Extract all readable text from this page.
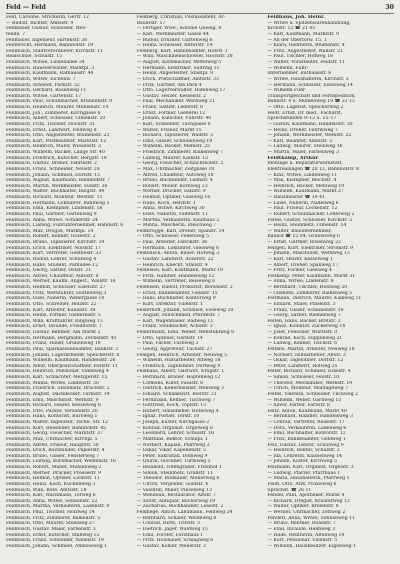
Feld — Feld	30
Feld, Caroline, Strickerin, Gertr. 12
— Rudolf, Richter, Amtsstr. 9
Feldbauer, Gustav, Schlosser, Wes-
tende. 7
Feldbauer, Ingenieur, Hirtenstr. 38
Feldbrecht, Hermann, Bahnhofstr. 19
Feldbusch, Stadtverordneter, Kirchstr. 11
Realschule, Schulstr. 15
Feldbusch, Witwe, Lindenallee 24
Feldbusch, Hausverwalter, Marktpl. 3
Feldbusch, Kaufmann, Rathausstr. 44
Feldbusch, Witwe, Eichenw. 7
Feldbusch, Arbeiter, Parkstr. 52
Feldbusch, Gerhard, Rosenweg 11
Feldbusch, Witwe, Gartenstr. 17
Feldbusch, Paul, Schuhmacher, Brunnenstr. 9
Feldbusch, Heinrich, Maurer, Mühlenstr. 14
Feldbusch, Joh., Zimmerer, Kirchgasse 6
Feldbusch, Albert, Schlosser, Ulmenstr. 20
Feldbusch, Fritz, Tischler, Hochstr. 31
Feldbusch, Ernst, Landwirt, Feldweg 8
Feldbusch, Otto, Angestellter, Blumenstr. 23
Feldbusch, Karl, Postbeamter, Marktstr. 12
Feldbusch, Heinrich, Maler, Wiesenstr. 3
Feldbusch, Wilhelm, Bäcker, Lange Str. 40
Feldbusch, Friedrich, Kutscher, Bergstr. 19
Feldbusch, Gustav, Dreher, Fabrikstr. 2
Feldbusch, Franz, Schneider, Neustr. 28
Feldbusch, Johann, Schmied, Dorfstr. 15
Feldbusch, August, Kaufmann, Bahnhofstr. 7
Feldbusch, Martin, Werkmeister, Südstr. 36
Feldbusch, Walter, Buchhalter, Ringstr. 44
Feldbusch, Richard, Monteur, Weststr. 11
Feldbusch, Hermann, Lokführer, Bahnweg 5
Feldbusch, Emil, Klempner, Lindenstr. 18
Feldbusch, Paul, Gärtner, Gartenweg 9
Feldbusch, Anna, Witwe, Schillerstr. 24
Feldbusch, Ludwig, Fuhrunternehmer, Hafenstr. 6
Feldbusch, Max, Drogist, Marktpl. 14
Feldbusch, Robert, Kellner, Hotelstr. 2
Feldbusch, Bruno, Tapezierer, Kirchstr. 29
Feldbusch, Erich, Elektriker, Nordstr. 17
Feldbusch, Kurt, Vertreter, Goethestr. 33
Feldbusch, Rudolf, Lehrer, Schulweg 4
Feldbusch, Hans, Student, Parkallee 12
Feldbusch, Georg, Sattler, Oststr. 21
Feldbusch, Alfred, Chauffeur, Autostr. 8
Feldbusch, Werner, Kaufm. Angest., Wallstr. 16
Feldbusch, Helmut, Schlosser, Eisenstr. 27
Feldbusch, Fritz, Werkführer, Hüttenweg 3
Feldbusch, Elise, Näherin, Webergasse 10
Feldbusch, Otto, Schreiner, Holzstr. 22
Feldbusch, Karl, Arbeiter, Kanalstr. 38
Feldbusch, Heinz, Former, Gießereistr. 5
Feldbusch, Willi, Kraftfahrer, Ringweg 13
Feldbusch, Ernst, Invalide, Friedhofstr. 7
Feldbusch, Gustav, Rentner, Am Markt 2
Feldbusch, Hermann, Bergmann, Zechenstr. 41
Feldbusch, Franz, Hauer, Grubenweg 19
Feldbusch, Paul, Sparkassenbeamter, Bankstr. 3
Feldbusch, Johann, Lagerarbeiter, Speicherstr. 8
Feldbusch, Wilhelm, Kaufmann, Handelsstr. 26
Feldbusch, Adolf, Oberpostschaffner, Poststr. 11
Feldbusch, Heinrich, Pensionär, Villenweg 4
Feldbusch, Karl, Schlachter, Metzgerstr. 15
Feldbusch, Minna, Witwe, Lindenstr. 30
Feldbusch, Friedrich, Steinmetz, Bruchstr. 2
Feldbusch, August, Dachdecker, Turmstr. 14
Feldbusch, Emil, Maschinist, Werkstr. 9
Feldbusch, Richard, Heizer, Kesselweg 6
Feldbusch, Otto, Packer, Versandstr. 20
Feldbusch, Hans, Kontorist, Büroweg 1
Feldbusch, Walter, Ingenieur, Techn. Str. 12
Feldbusch, Kurt, Reisender, Bahnhofstr. 45
Feldbusch, Georg, Fleischer, Marktstr. 37
Feldbusch, Max, Uhrmacher, Kirchpl. 5
Feldbusch, Alfred, Friseur, Hauptstr. 58
Feldbusch, Erich, Buchbinder, Papierstr. 4
Feldbusch, Bruno, Glaser, Fensterweg 7
Feldbusch, Ludwig, Korbmacher, Weidenstr. 16
Feldbusch, Robert, Müller, Mühlenweg 2
Feldbusch, Werner, Drucker, Pressestr. 9
Feldbusch, Helmut, Optiker, Lichtstr. 11
Feldbusch, Heinz, Koch, Küchenweg 3
Feldbusch, Willi, Bote, Amtsstr. 18
Feldbusch, Karl, Wachmann, Torweg 6
Feldbusch, Anna, Witwe, Sonnenstr. 22
Feldbusch, Martha, Verkäuferin, Ladenstr. 8
Feldbusch, Paul, Tischler, Holzweg 14
Feldbusch, Fritz, Zimmerer, Balkenstr. 5
Feldbusch, Otto, Maurer, Steinweg 27
Feldbusch, Gustav, Maler, Farbenstr. 3
Feldbusch, Ernst, Kutscher, Stallweg 12
Feldbusch, Franz, Schneider, Nadelstr. 19
Feldbusch, Johann, Schmied, Ambossweg 1
Feldberg, Christian, Postassistent, Ar-
Bauerstr. 17
— Fertiger, Wwe., Kolonie Queelg. 8
— Karl, Werkmeister, Gasse 44
— Rudolf, Drucker, Gartenweg 6
— Heinz, Schlosser, Ritterstr. 14
Feldberg, Kurt, Bahnbeamter, Hofstr. 1
— Willi, Maschinenschlosser, Hochstr. 28
— August, Korbmacher, Mittelweg 5
— Hermann, Elektriker, Südring 11
— Heinz, Angestellter, Stadtpl. 9
— Erich, Postschaffner, Amtsstr. 33
— Fritz, Gärtner, Am Park 4
— Otto, Lagerverwalter, Hafenweg 17
— Gustav, Heizer, Kesselstr. 2
— Paul, Mechaniker, Werkweg 21
— Franz, Sattler, Lederstr. 8
— Ernst, Former, Gießerei 12
— Johann, Kutscher, Fuhrstr. 40
— Karl, Schneider, Tuchgasse 6
— Walter, Friseur, Markt 15
— Richard, Tapezierer, Wallstr. 3
— Emil, Glaser, Scheibenweg 19
— Wilhelm, Bäcker, Mehlstr. 25
— Friedrich, Zimmerer, Balkenweg 7
— Ludwig, Maurer, Kalkstr. 13
— Georg, Fleischer, Schlachthofstr. 2
— Max, Uhrmacher, Zeitgasse 10
— Alfred, Chauffeur, Autoweg 18
— Bruno, Buchbinder, Leimstr. 4
— Robert, Müller, Kornweg 23
— Werner, Drucker, Satzstr. 9
— Helmut, Optiker, Glasweg 16
— Hans, Koch, Herdstr. 1
— Anna, Witwe, Kirchweg 30
— Elise, Näherin, Fadenstr. 11
— Martha, Verkäuferin, Kaufhaus 2
— Minna, Wäscherin, Bleichweg 7
Feldbrügge, Karl, Dreher, Spanstr. 14
— Otto, Schlosser, Feilenweg 5
— Paul, Arbeiter, Fabrikstr. 36
— Hermann, Lokführer, Gleisweg 8
Feldbusch, Anton, Bauer, Hofweg 3
— Gustav, Landwirt, Ackerstr. 22
— Heinrich, Knecht, Stallstr. 4
Feldeisen, Karl, Kaufmann, Markt 19
— Fritz, Händler, Handelsweg 12
— Wilhelm, Vertreter, Reiseweg 6
Feldeisen, Rudolf, Prokurist, Börsenstr. 2
— Ernst, Bankbeamter, Geldstr. 15
— Hans, Buchhalter, Kontorweg 9
— Kurt, Direktor, Villenstr. 1
Felderhoff, Johann, Schmied, Esseweg 20
— August, Hufschmied, Pferdestr. 7
— Karl, Wagenbauer, Radweg 11
— Franz, Stellmacher, Achsstr. 3
Feldermann, Emil, Weber, Webstuhlweg 8
— Otto, Spinner, Garnstr. 14
— Paul, Färber, Farbweg 2
— Georg, Appreteur, Tuchstr. 27
Feldgen, Heinrich, Arbeiter, Neuweg 5
— Wilhelm, Hilfsarbeiter, Altweg 18
— Friedrich, Tagelöhner, Dorfweg 9
Feldhaus, Albert, Gastwirt, Krugstr. 1
— Bernhard, Brauer, Hopfenweg 12
— Clemens, Küfer, Fassstr. 6
— Dietrich, Kellermeister, Weinweg 3
— Eduard, Schankwirt, Bierstr. 21
— Ferdinand, Kellner, Tischweg 7
— Gottfried, Koch, Topfstr. 15
— Hubert, Hausdiener, Hotelweg 4
— Ignaz, Portier, Torstr. 10
— Joseph, Küster, Kirchgasse 2
— Konrad, Organist, Orgelweg 8
— Leonhard, Lehrer, Schulstr. 16
— Matthias, Rektor, Schulpl. 1
— Norbert, Kaplan, Pfarrweg 3
— Oskar, Vikar, Kapellenstr. 5
— Peter, Sakristan, Domweg 9
— Quirin, Glöckner, Turmweg 2
— Reinhold, Totengräber, Friedhof 1
— Simon, Steinmetz, Grabstr. 11
— Theodor, Bildhauer, Atelierweg 6
— Ulrich, Vergolder, Goldstr. 4
— Valentin, Maler, Pinselweg 13
— Wendelin, Restaurator, Altstr. 7
— Xaver, Antiquar, Bücherweg 19
— Zacharias, Buchhändler, Lesestr. 2
Feldhege, Anton, Landmann, Feldweg 24
— Bernhard, Schäfer, Weideweg 8
— Conrad, Hirte, Triftstr. 3
— Dietrich, Jäger, Waldweg 15
— Emil, Förster, Forsthaus 1
— Fritz, Holzhauer, Schlagweg 6
— Gustav, Köhler, Meilerstr. 2
Feldhaus, Joh. Heinr.
— Witwe u. Spitzenwarenhandlung,
Kronstr. 12 ☎ 21 45
— Karl, Kaufmann, Marktstr. 9
— An der Obertorw. 15, 1
— Klara, Rentnerin, Blumenstr. 4
— Fritz, Angestellter, Wallstr. 21
— Paul, Tischler, Hofweg 18
— Walter, Vorarbeiter, Feldstr. 11
— Wilhelm, Fuhr-
unternehmer, Rathausstr. 6
— Witwe, Haushälterin, Kirchstr. 3
— Hermann, Schlosser, Eisenweg 14
— Wilhelm Fuhr
Transportgeschäft und Fernspedition,
Bahnstr. 4 u. Mühlenweg 19 ☎ 33 15
— Otto, Lagerist, Speicherweg 2
Feldt, Ernst, Dr. med., Facharzt,
Sprechstunden 9–12 u. 15–17
— Gustav, Kaufmann, Handelsstr. 30
— Heinz, Dreher, Fabrikweg 7
— Johann, Werkmeister, Werkstr. 22
— Karl, Beamter, Amtsstr. 5
— Ludwig, Maurer, Steinweg 16
— Martin, Maler, Farbenweg 3
Feldtkamp, Arthur
Montage u. Reparaturwerkstatt,
Elektroanlagen ☎ 20 12, Bahnhofstr. 8
— Kinz, Witwe, Lindenweg 11
— Max, Klempner, Blechstr. 4
— Heinrich, Bäcker, Mehlweg 19
— Wilhelm, Kaufmann, Markt 27
— Hausmeister ☎ 19 41
— Luise, Näherin, Nadelweg 6
— Paul, Friseur, Lockenstr. 12
— Robert, Schuhmacher, Lederweg 2
Feltes, Gustav, Schlosser, Kirchstr. 5
— Heinz, Steinmetz, Ulmenstr. 14
— Walter, Bauunternehmer,
Bauhof ☎ 12 04, Grubenweg 6
— Ernst, Gärtner, Rosenweg 22
Feltgen, Kurt, Elektriker, Stromstr. 9
— Johann, Maschinist, Werkweg 13
— Karl, Heizer, Kesselweg 1
— Albert, Dreher, Spanweg 17
— Fritz, Former, Gießweg 4
Feltkamp, Peter, Kaufmann, Markt 31
— Anna, Witwe, Lindenstr. 8
— Bernhard, Tischler, Holzweg 20
— Clemens, Zimmerer, Balkenweg 5
Feltmann, Dietrich, Maurer, Kalkweg 11
— Eduard, Maler, Pinselstr. 3
— Franz, Glaser, Scheibenstr. 16
— Georg, Sattler, Riemenweg 7
Felten, Hans, Bäcker, Brotstr. 2
— Ignaz, Konditor, Zuckerweg 14
— Josef, Fleischer, Wurststr. 9
— Konrad, Koch, Suppenweg 21
— Ludwig, Kellner, Tischstr. 6
Feltens, Martin, Arbeiter, Neuweg 18
— Norbert, Hilfsarbeiter, Altstr. 3
— Oskar, Tagelöhner, Dorfstr. 12
— Peter, Landwirt, Hofweg 25
Felter, Richard, Schmied, Essestr. 4
— Simon, Schlosser, Feilstr. 10
— Theodor, Mechaniker, Werkstr. 19
— Ulrich, Monteur, Montageweg 7
Feltes, Valentin, Schneider, Tuchweg 2
— Wilhelm, Weber, Garnweg 15
— Xaver, Färber, Farbstr. 8
Feltz, Anton, Kaufmann, Markt 40
— Bernhard, Händler, Handelsweg 3
— Conrad, Vertreter, Reisestr. 17
— Dora, Verkäuferin, Ladenweg 6
— Emil, Buchhalter, Kontorstr. 12
— Fritz, Bankbeamter, Geldweg 1
Felz, Gustav, Lehrer, Schulweg 9
— Heinrich, Rektor, Schulstr. 2
— Ida, Lehrerin, Klassenweg 14
— Johann, Küster, Kirchweg 5
Felzmann, Karl, Organist, Orgelstr. 3
— Ludwig, Pfarrer, Pfarrhaus 1
— Maria, Haushälterin, Pfarrweg 1
Feldt, Otto, Arzt, Praxisweg 6
Sprechst. ☎ 26 11
Fendel, Paul, Apotheker, Markt 4
— Richard, Drogist, Kräuterweg 13
— Walter, Optiker, Brillenstr. 8
— Werner, Uhrmacher, Zeitweg 2
Fenderl, Anna, Witwe, Sonnenweg 11
— Bruno, Rentner, Ruhestr. 7
— Emil, Invalide, Heimweg 3
— Hilde, Rentnerin, Altenweg 19
— Kurt, Pensionär, Villenstr. 5
— Wilhelm, Hausbesitzer, Eigenweg 1
